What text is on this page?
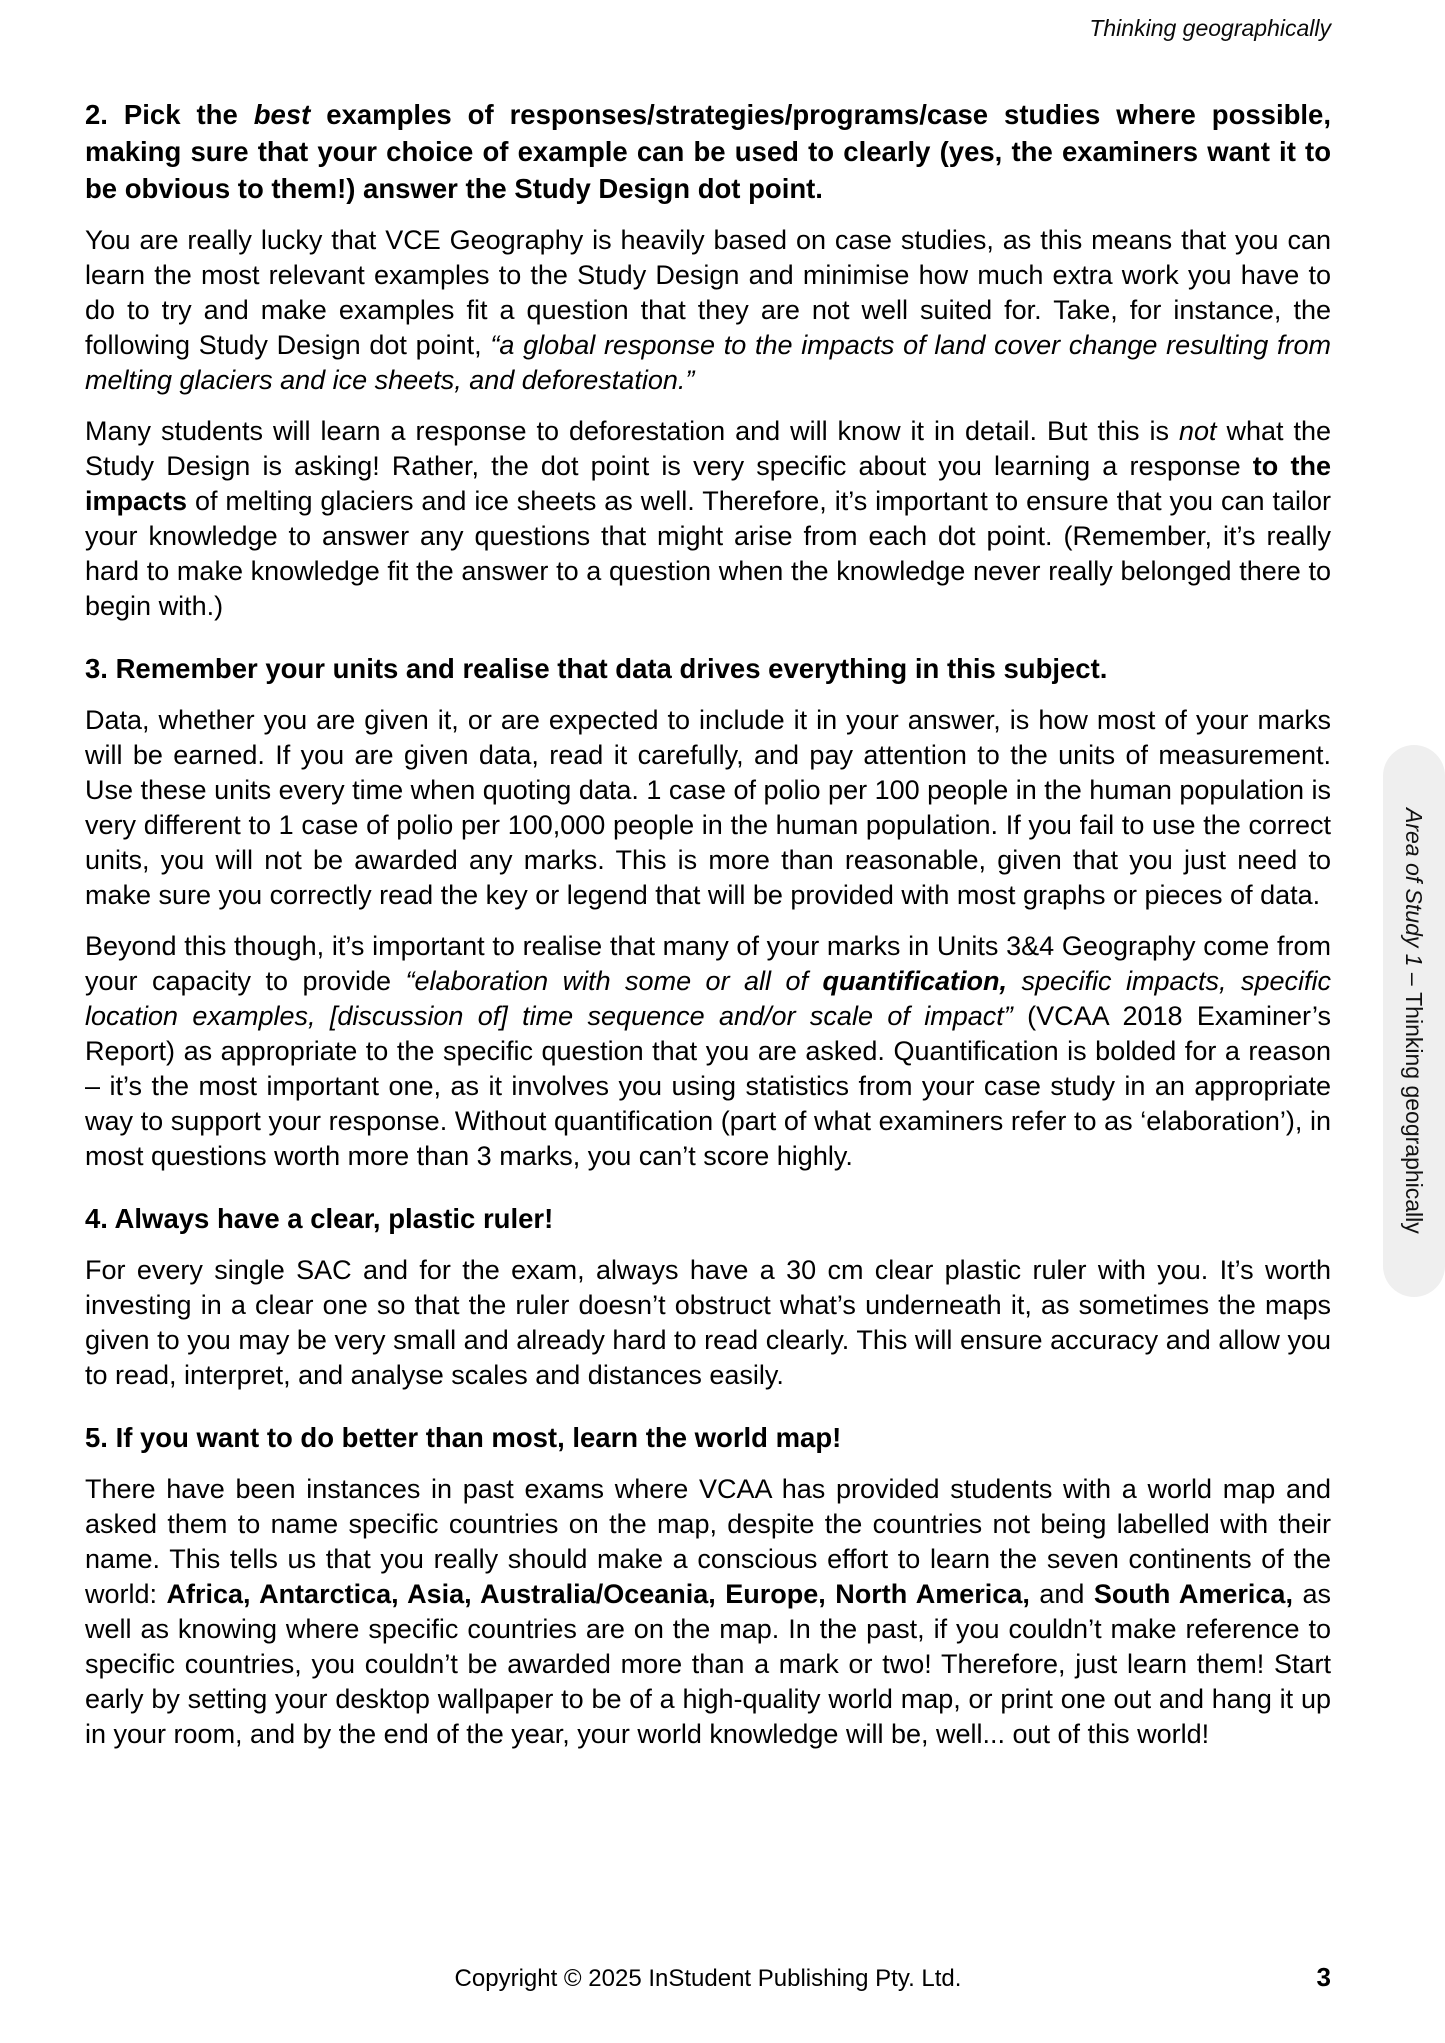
Thinking geographically
2. Pick the best examples of responses/strategies/programs/case studies where possible, making sure that your choice of example can be used to clearly (yes, the examiners want it to be obvious to them!) answer the Study Design dot point.

You are really lucky that VCE Geography is heavily based on case studies, as this means that you can learn the most relevant examples to the Study Design and minimise how much extra work you have to do to try and make examples fit a question that they are not well suited for. Take, for instance, the following Study Design dot point, “a global response to the impacts of land cover change resulting from melting glaciers and ice sheets, and deforestation.”

Many students will learn a response to deforestation and will know it in detail. But this is not what the Study Design is asking! Rather, the dot point is very specific about you learning a response to the impacts of melting glaciers and ice sheets as well. Therefore, it’s important to ensure that you can tailor your knowledge to answer any questions that might arise from each dot point. (Remember, it’s really hard to make knowledge fit the answer to a question when the knowledge never really belonged there to begin with.)

3. Remember your units and realise that data drives everything in this subject.

Data, whether you are given it, or are expected to include it in your answer, is how most of your marks will be earned. If you are given data, read it carefully, and pay attention to the units of measurement. Use these units every time when quoting data. 1 case of polio per 100 people in the human population is very different to 1 case of polio per 100,000 people in the human population. If you fail to use the correct units, you will not be awarded any marks. This is more than reasonable, given that you just need to make sure you correctly read the key or legend that will be provided with most graphs or pieces of data.

Beyond this though, it’s important to realise that many of your marks in Units 3&4 Geography come from your capacity to provide “elaboration with some or all of quantification, specific impacts, specific location examples, [discussion of] time sequence and/or scale of impact” (VCAA 2018 Examiner’s Report) as appropriate to the specific question that you are asked. Quantification is bolded for a reason – it’s the most important one, as it involves you using statistics from your case study in an appropriate way to support your response. Without quantification (part of what examiners refer to as ‘elaboration’), in most questions worth more than 3 marks, you can’t score highly.

4. Always have a clear, plastic ruler!

For every single SAC and for the exam, always have a 30 cm clear plastic ruler with you. It’s worth investing in a clear one so that the ruler doesn’t obstruct what’s underneath it, as sometimes the maps given to you may be very small and already hard to read clearly. This will ensure accuracy and allow you to read, interpret, and analyse scales and distances easily.

5. If you want to do better than most, learn the world map!

There have been instances in past exams where VCAA has provided students with a world map and asked them to name specific countries on the map, despite the countries not being labelled with their name. This tells us that you really should make a conscious effort to learn the seven continents of the world: Africa, Antarctica, Asia, Australia/Oceania, Europe, North America, and South America, as well as knowing where specific countries are on the map. In the past, if you couldn’t make reference to specific countries, you couldn’t be awarded more than a mark or two! Therefore, just learn them! Start early by setting your desktop wallpaper to be of a high-quality world map, or print one out and hang it up in your room, and by the end of the year, your world knowledge will be, well... out of this world!

Area of Study 1 – Thinking geographically
Copyright © 2025 InStudent Publishing Pty. Ltd.	3
